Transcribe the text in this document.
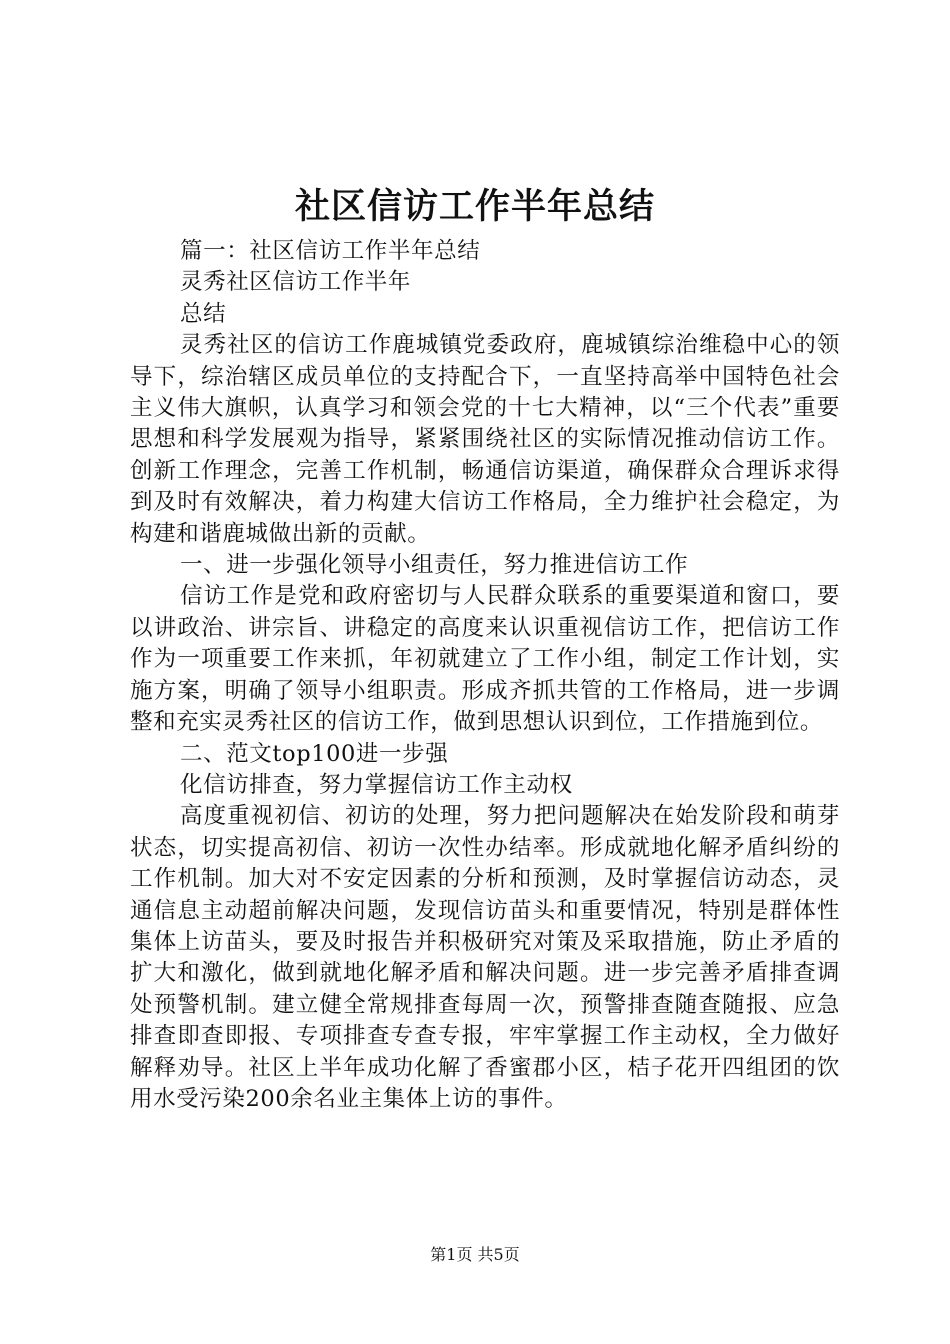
社区信访工作半年总结

篇一：社区信访工作半年总结

灵秀社区信访工作半年

总结

灵秀社区的信访工作鹿城镇党委政府，鹿城镇综治维稳中心的领导下，综治辖区成员单位的支持配合下，一直坚持高举中国特色社会主义伟大旗帜，认真学习和领会党的十七大精神，以“三个代表”重要思想和科学发展观为指导，紧紧围绕社区的实际情况推动信访工作。创新工作理念，完善工作机制，畅通信访渠道，确保群众合理诉求得到及时有效解决，着力构建大信访工作格局，全力维护社会稳定，为构建和谐鹿城做出新的贡献。

一、进一步强化领导小组责任，努力推进信访工作

信访工作是党和政府密切与人民群众联系的重要渠道和窗口，要以讲政治、讲宗旨、讲稳定的高度来认识重视信访工作，把信访工作作为一项重要工作来抓，年初就建立了工作小组，制定工作计划，实施方案，明确了领导小组职责。形成齐抓共管的工作格局，进一步调整和充实灵秀社区的信访工作，做到思想认识到位，工作措施到位。

二、范文top100进一步强

化信访排查，努力掌握信访工作主动权

高度重视初信、初访的处理，努力把问题解决在始发阶段和萌芽状态，切实提高初信、初访一次性办结率。形成就地化解矛盾纠纷的工作机制。加大对不安定因素的分析和预测，及时掌握信访动态，灵通信息主动超前解决问题，发现信访苗头和重要情况，特别是群体性集体上访苗头，要及时报告并积极研究对策及采取措施，防止矛盾的扩大和激化，做到就地化解矛盾和解决问题。进一步完善矛盾排查调处预警机制。建立健全常规排查每周一次，预警排查随查随报、应急排查即查即报、专项排查专查专报，牢牢掌握工作主动权，全力做好解释劝导。社区上半年成功化解了香蜜郡小区，桔子花开四组团的饮用水受污染200余名业主集体上访的事件。

第1页 共5页
